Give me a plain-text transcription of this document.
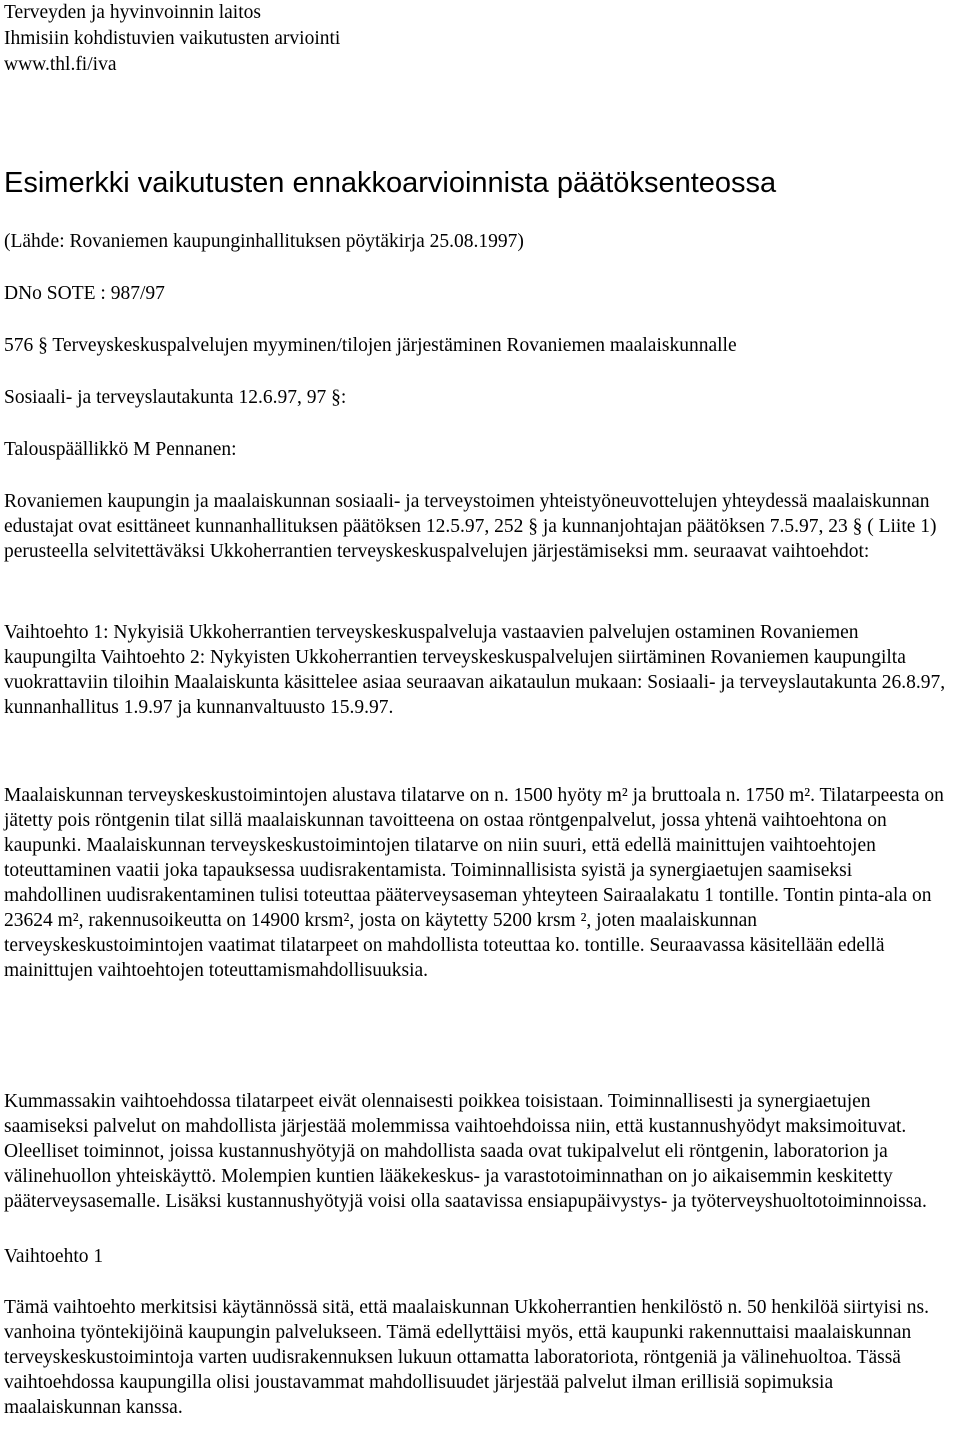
Terveyden ja hyvinvoinnin laitos
Ihmisiin kohdistuvien vaikutusten arviointi
www.thl.fi/iva
Esimerkki vaikutusten ennakkoarvioinnista päätöksenteossa
(Lähde: Rovaniemen kaupunginhallituksen pöytäkirja 25.08.1997)
DNo SOTE : 987/97
576 § Terveyskeskuspalvelujen myyminen/tilojen järjestäminen Rovaniemen maalaiskunnalle
Sosiaali- ja terveyslautakunta 12.6.97, 97 §:
Talouspäällikkö M Pennanen:

Rovaniemen kaupungin ja maalaiskunnan sosiaali- ja terveystoimen yhteistyöneuvottelujen yhteydessä maalaiskunnan edustajat ovat esittäneet kunnanhallituksen päätöksen 12.5.97, 252 § ja kunnanjohtajan päätöksen 7.5.97, 23 § ( Liite 1) perusteella selvitettäväksi Ukkoherrantien terveyskeskuspalvelujen järjestämiseksi mm. seuraavat vaihtoehdot:

Vaihtoehto 1: Nykyisiä Ukkoherrantien terveyskeskuspalveluja vastaavien palvelujen ostaminen Rovaniemen kaupungilta Vaihtoehto 2: Nykyisten Ukkoherrantien terveyskeskuspalvelujen siirtäminen Rovaniemen kaupungilta vuokrattaviin tiloihin Maalaiskunta käsittelee asiaa seuraavan aikataulun mukaan: Sosiaali- ja terveyslautakunta 26.8.97, kunnanhallitus 1.9.97 ja kunnanvaltuusto 15.9.97.

Maalaiskunnan terveyskeskustoimintojen alustava tilatarve on n. 1500 hyöty m² ja bruttoala n. 1750 m². Tilatarpeesta on jätetty pois röntgenin tilat sillä maalaiskunnan tavoitteena on ostaa röntgenpalvelut, jossa yhtenä vaihtoehtona on kaupunki. Maalaiskunnan terveyskeskustoimintojen tilatarve on niin suuri, että edellä mainittujen vaihtoehtojen toteuttaminen vaatii joka tapauksessa uudisrakentamista. Toiminnallisista syistä ja synergiaetujen saamiseksi mahdollinen uudisrakentaminen tulisi toteuttaa pääterveysaseman yhteyteen Sairaalakatu 1 tontille. Tontin pinta-ala on 23624 m², rakennusoikeutta on 14900 krsm², josta on käytetty 5200 krsm ², joten maalaiskunnan terveyskeskustoimintojen vaatimat tilatarpeet on mahdollista toteuttaa ko. tontille. Seuraavassa käsitellään edellä mainittujen vaihtoehtojen toteuttamismahdollisuuksia.

Kummassakin vaihtoehdossa tilatarpeet eivät olennaisesti poikkea toisistaan. Toiminnallisesti ja synergiaetujen saamiseksi palvelut on mahdollista järjestää molemmissa vaihtoehdoissa niin, että kustannushyödyt maksimoituvat. Oleelliset toiminnot, joissa kustannushyötyjä on mahdollista saada ovat tukipalvelut eli röntgenin, laboratorion ja välinehuollon yhteiskäyttö. Molempien kuntien lääkekeskus- ja varastotoiminnathan on jo aikaisemmin keskitetty pääterveysasemalle. Lisäksi kustannushyötyjä voisi olla saatavissa ensiapupäivystys- ja työterveyshuoltotoiminnoissa.

Vaihtoehto 1

Tämä vaihtoehto merkitsisi käytännössä sitä, että maalaiskunnan Ukkoherrantien henkilöstö n. 50 henkilöä siirtyisi ns. vanhoina työntekijöinä kaupungin palvelukseen. Tämä edellyttäisi myös, että kaupunki rakennuttaisi maalaiskunnan terveyskeskustoimintoja varten uudisrakennuksen lukuun ottamatta laboratoriota, röntgeniä ja välinehuoltoa. Tässä vaihtoehdossa kaupungilla olisi joustavammat mahdollisuudet järjestää palvelut ilman erillisiä sopimuksia maalaiskunnan kanssa.
